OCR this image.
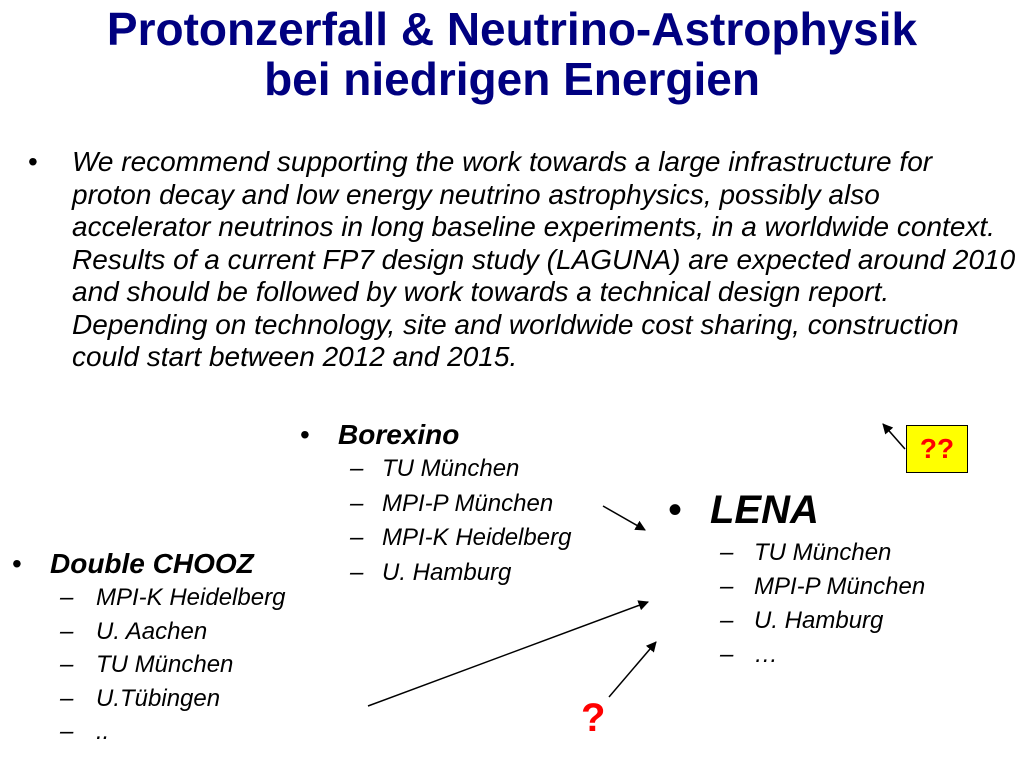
Protonzerfall & Neutrino-Astrophysik
bei niedrigen Energien
• We recommend supporting the work towards a large infrastructure for proton decay and low energy neutrino astrophysics, possibly also accelerator neutrinos in long baseline experiments, in a worldwide context. Results of a current FP7 design study (LAGUNA) are expected around 2010 and should be followed by work towards a technical design report. Depending on technology, site and worldwide cost sharing, construction could start between 2012 and 2015.
• Borexino
– TU München
– MPI-P München
– MPI-K Heidelberg
– U. Hamburg
• Double CHOOZ
– MPI-K Heidelberg
– U. Aachen
– TU München
– U.Tübingen
– ..
• LENA
– TU München
– MPI-P München
– U. Hamburg
– …
??
?
